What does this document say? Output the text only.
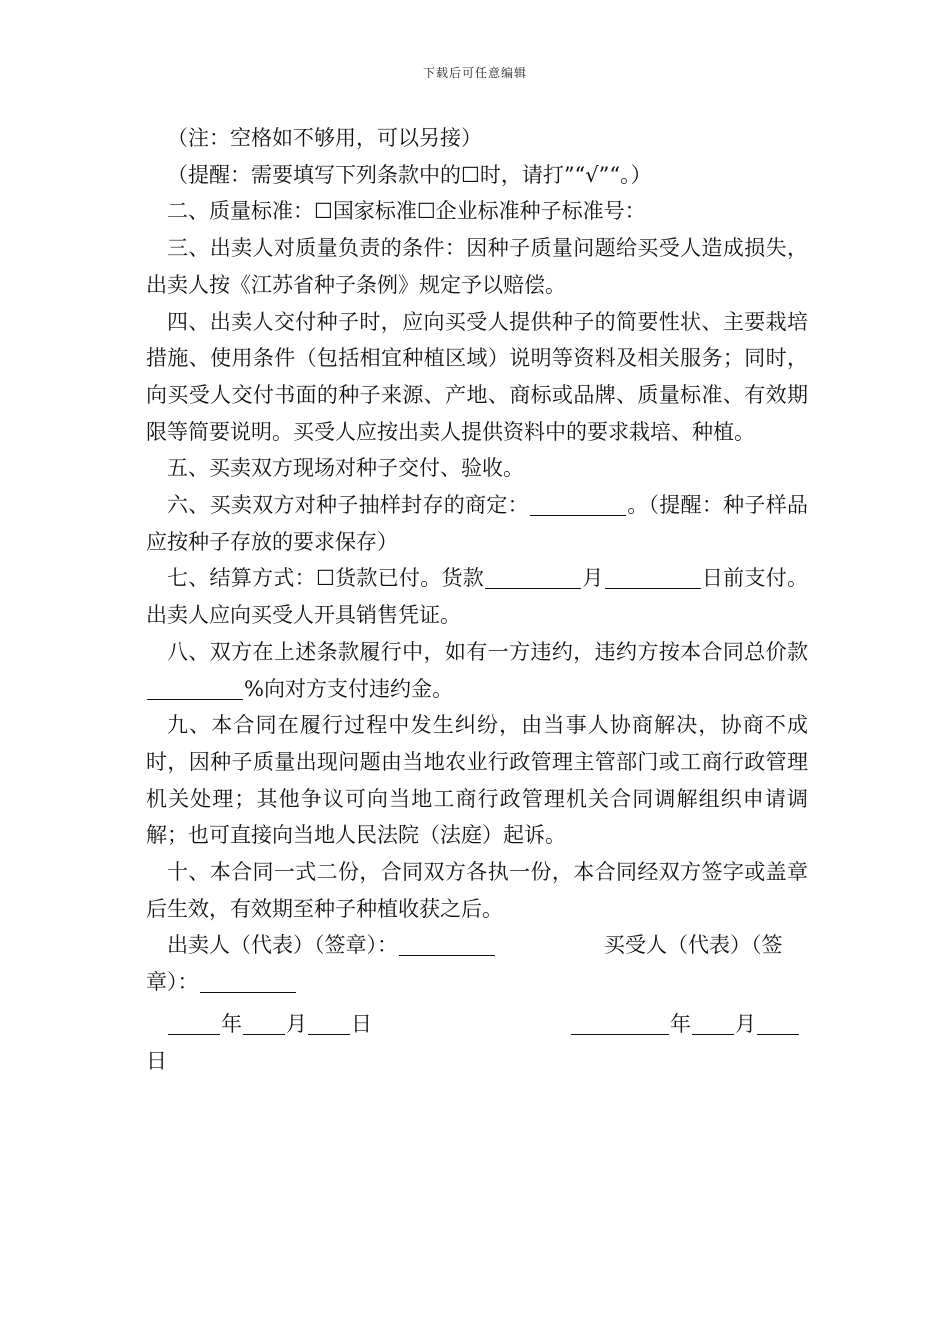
下载后可任意编辑

（注：空格如不够用，可以另接）

（提醒：需要填写下列条款中的☐时，请打”“√”“。）

二、质量标准：☐国家标准☐企业标准种子标准号：

三、出卖人对质量负责的条件：因种子质量问题给买受人造成损失，出卖人按《江苏省种子条例》规定予以赔偿。

四、出卖人交付种子时，应向买受人提供种子的简要性状、主要栽培措施、使用条件（包括相宜种植区域）说明等资料及相关服务；同时，向买受人交付书面的种子来源、产地、商标或品牌、质量标准、有效期限等简要说明。买受人应按出卖人提供资料中的要求栽培、种植。

五、买卖双方现场对种子交付、验收。

六、买卖双方对种子抽样封存的商定：	。（提醒：种子样品应按种子存放的要求保存）

七、结算方式：☐货款已付。货款	月	日前支付。出卖人应向买受人开具销售凭证。

八、双方在上述条款履行中，如有一方违约，违约方按本合同总价款%向对方支付违约金。

九、本合同在履行过程中发生纠纷，由当事人协商解决，协商不成时，因种子质量出现问题由当地农业行政管理主管部门或工商行政管理机关处理；其他争议可向当地工商行政管理机关合同调解组织申请调解；也可直接向当地人民法院（法庭）起诉。

十、本合同一式二份，合同双方各执一份，本合同经双方签字或盖章后生效，有效期至种子种植收获之后。

出卖人（代表）（签章）：	买受人（代表）（签
章）：
年 月 日	年 月
日
